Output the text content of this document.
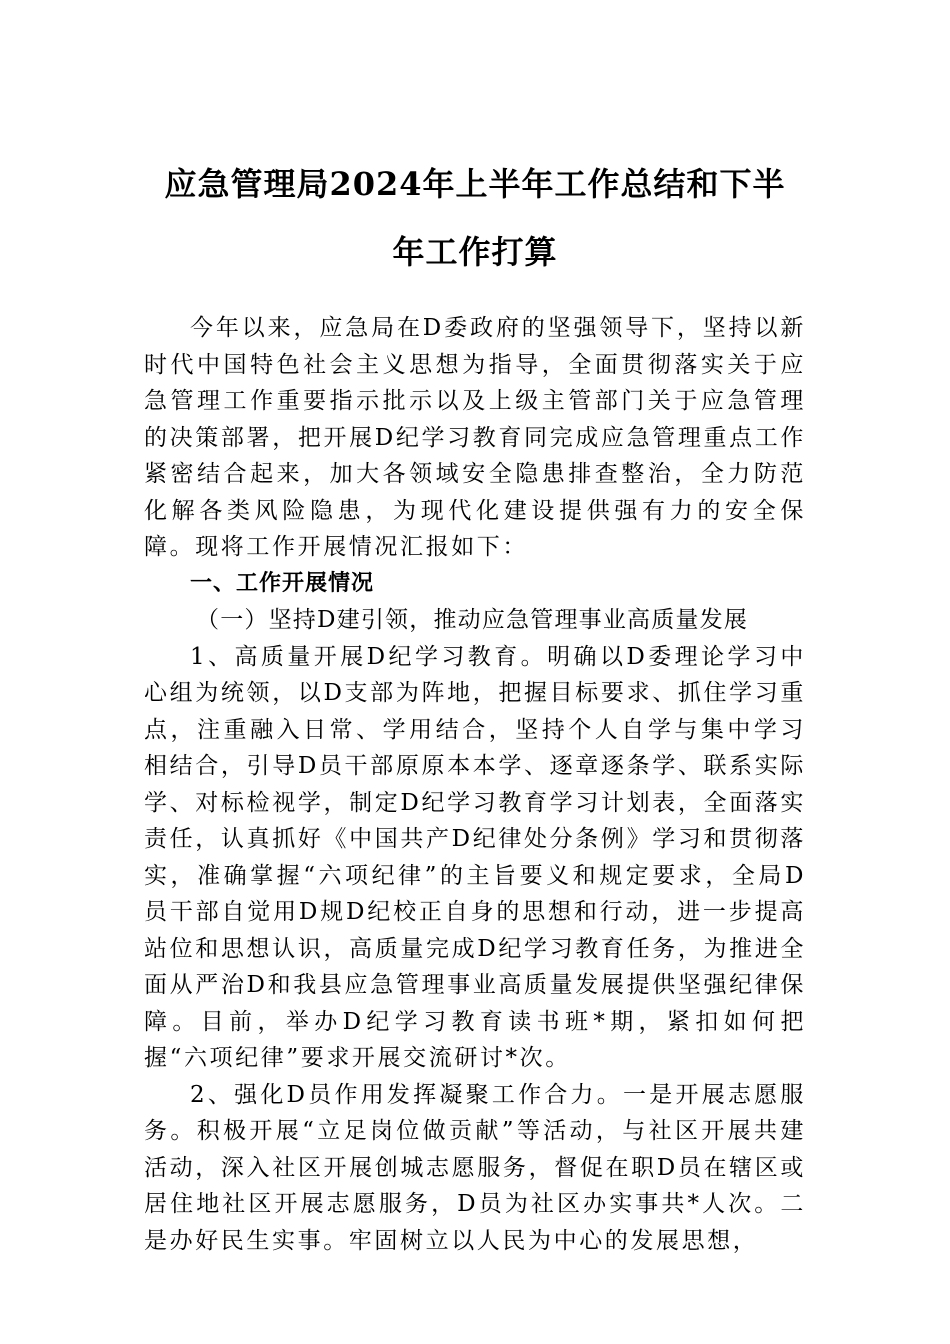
应急管理局2024年上半年工作总结和下半
年工作打算

今年以来，应急局在D委政府的坚强领导下，坚持以新时代中国特色社会主义思想为指导，全面贯彻落实关于应急管理工作重要指示批示以及上级主管部门关于应急管理的决策部署，把开展D纪学习教育同完成应急管理重点工作紧密结合起来，加大各领域安全隐患排查整治，全力防范化解各类风险隐患，为现代化建设提供强有力的安全保障。现将工作开展情况汇报如下：

一、工作开展情况

（一）坚持D建引领，推动应急管理事业高质量发展

1、高质量开展D纪学习教育。明确以D委理论学习中心组为统领，以D支部为阵地，把握目标要求、抓住学习重点，注重融入日常、学用结合，坚持个人自学与集中学习相结合，引导D员干部原原本本学、逐章逐条学、联系实际学、对标检视学，制定D纪学习教育学习计划表，全面落实责任，认真抓好《中国共产D纪律处分条例》学习和贯彻落实，准确掌握“六项纪律”的主旨要义和规定要求，全局D员干部自觉用D规D纪校正自身的思想和行动，进一步提高站位和思想认识，高质量完成D纪学习教育任务，为推进全面从严治D和我县应急管理事业高质量发展提供坚强纪律保障。目前，举办D纪学习教育读书班*期，紧扣如何把握“六项纪律”要求开展交流研讨*次。

2、强化D员作用发挥凝聚工作合力。一是开展志愿服务。积极开展“立足岗位做贡献”等活动，与社区开展共建活动，深入社区开展创城志愿服务，督促在职D员在辖区或居住地社区开展志愿服务，D员为社区办实事共*人次。二是办好民生实事。牢固树立以人民为中心的发展思想，
